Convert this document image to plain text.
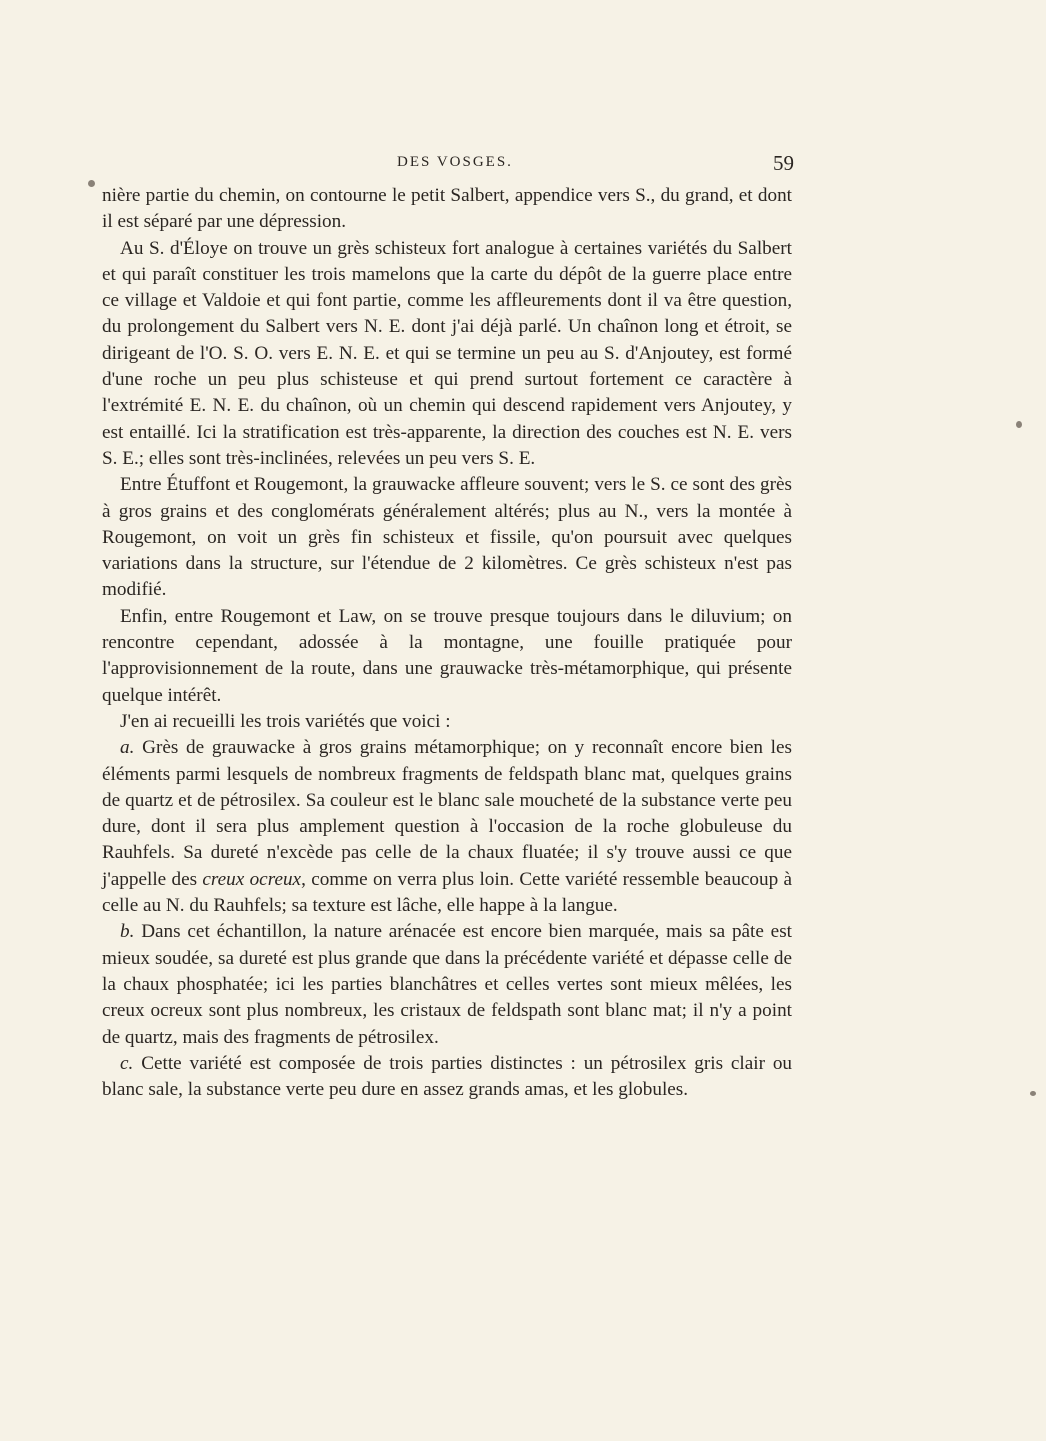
DES VOSGES.	59

nière partie du chemin, on contourne le petit Salbert, appendice vers S., du grand, et dont il est séparé par une dépression.

Au S. d'Éloye on trouve un grès schisteux fort analogue à certaines variétés du Salbert et qui paraît constituer les trois mamelons que la carte du dépôt de la guerre place entre ce village et Valdoie et qui font partie, comme les affleurements dont il va être question, du prolongement du Salbert vers N. E. dont j'ai déjà parlé. Un chaînon long et étroit, se dirigeant de l'O. S. O. vers E. N. E. et qui se termine un peu au S. d'Anjoutey, est formé d'une roche un peu plus schisteuse et qui prend surtout fortement ce caractère à l'extrémité E. N. E. du chaînon, où un chemin qui descend rapidement vers Anjoutey, y est entaillé. Ici la stratification est très-apparente, la direction des couches est N. E. vers S. E.; elles sont très-inclinées, relevées un peu vers S. E.

Entre Étuffont et Rougemont, la grauwacke affleure souvent; vers le S. ce sont des grès à gros grains et des conglomérats généralement altérés; plus au N., vers la montée à Rougemont, on voit un grès fin schisteux et fissile, qu'on poursuit avec quelques variations dans la structure, sur l'étendue de 2 kilomètres. Ce grès schisteux n'est pas modifié.

Enfin, entre Rougemont et Law, on se trouve presque toujours dans le diluvium; on rencontre cependant, adossée à la montagne, une fouille pratiquée pour l'approvisionnement de la route, dans une grauwacke très-métamorphique, qui présente quelque intérêt.

J'en ai recueilli les trois variétés que voici :

a. Grès de grauwacke à gros grains métamorphique; on y reconnaît encore bien les éléments parmi lesquels de nombreux fragments de feldspath blanc mat, quelques grains de quartz et de pétrosilex. Sa couleur est le blanc sale moucheté de la substance verte peu dure, dont il sera plus amplement question à l'occasion de la roche globuleuse du Rauhfels. Sa dureté n'excède pas celle de la chaux fluatée; il s'y trouve aussi ce que j'appelle des creux ocreux, comme on verra plus loin. Cette variété ressemble beaucoup à celle au N. du Rauhfels; sa texture est lâche, elle happe à la langue.

b. Dans cet échantillon, la nature arénacée est encore bien marquée, mais sa pâte est mieux soudée, sa dureté est plus grande que dans la précédente variété et dépasse celle de la chaux phosphatée; ici les parties blanchâtres et celles vertes sont mieux mêlées, les creux ocreux sont plus nombreux, les cristaux de feldspath sont blanc mat; il n'y a point de quartz, mais des fragments de pétrosilex.

c. Cette variété est composée de trois parties distinctes : un pétrosilex gris clair ou blanc sale, la substance verte peu dure en assez grands amas, et les globules.
